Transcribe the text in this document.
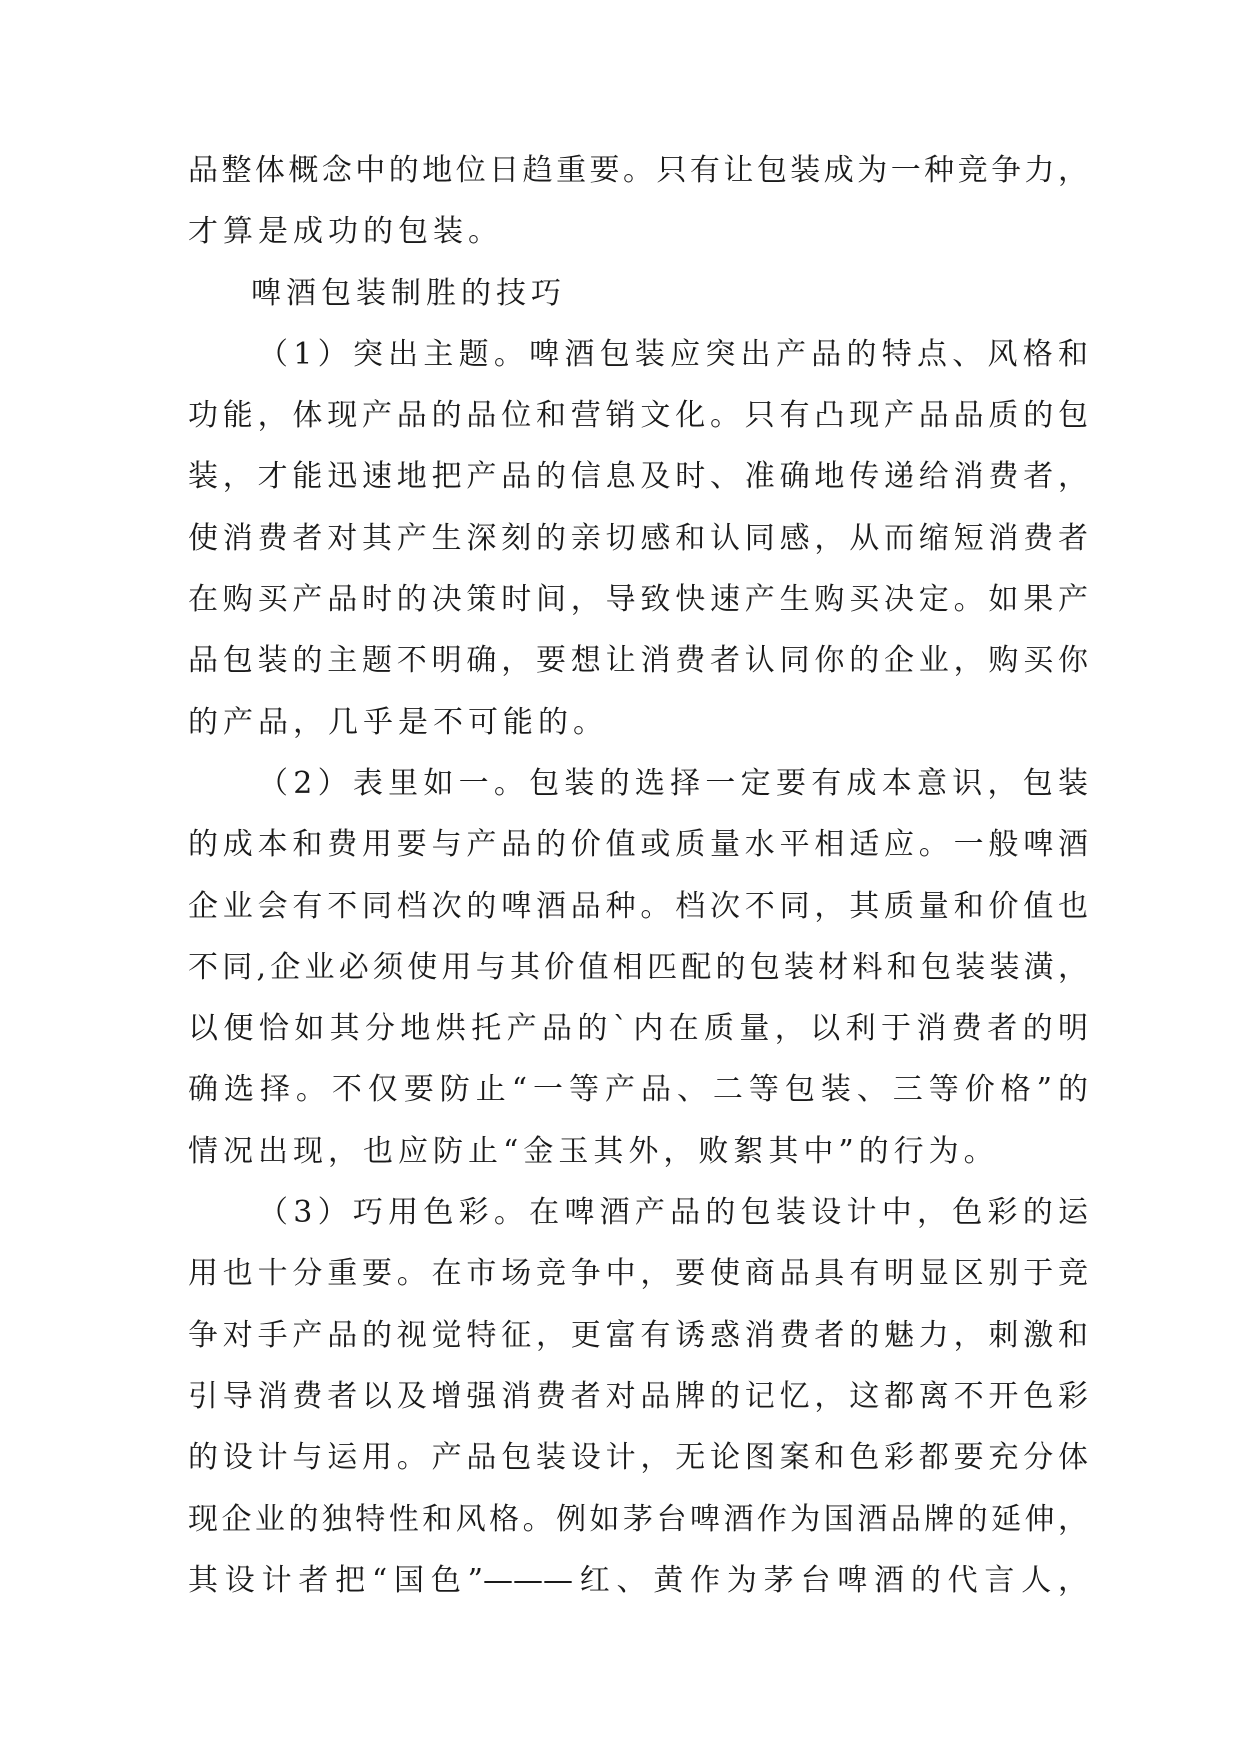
品整体概念中的地位日趋重要。只有让包装成为一种竞争力，
才算是成功的包装。
啤酒包装制胜的技巧
（1）突出主题。啤酒包装应突出产品的特点、风格和
功能，体现产品的品位和营销文化。只有凸现产品品质的包
装，才能迅速地把产品的信息及时、准确地传递给消费者，
使消费者对其产生深刻的亲切感和认同感，从而缩短消费者
在购买产品时的决策时间，导致快速产生购买决定。如果产
品包装的主题不明确，要想让消费者认同你的企业，购买你
的产品，几乎是不可能的。
（2）表里如一。包装的选择一定要有成本意识，包装
的成本和费用要与产品的价值或质量水平相适应。一般啤酒
企业会有不同档次的啤酒品种。档次不同，其质量和价值也
不同,企业必须使用与其价值相匹配的包装材料和包装装潢，
以便恰如其分地烘托产品的`内在质量，以利于消费者的明
确选择。不仅要防止“一等产品、二等包装、三等价格”的
情况出现，也应防止“金玉其外，败絮其中”的行为。
（3）巧用色彩。在啤酒产品的包装设计中，色彩的运
用也十分重要。在市场竞争中，要使商品具有明显区别于竞
争对手产品的视觉特征，更富有诱惑消费者的魅力，刺激和
引导消费者以及增强消费者对品牌的记忆，这都离不开色彩
的设计与运用。产品包装设计，无论图案和色彩都要充分体
现企业的独特性和风格。例如茅台啤酒作为国酒品牌的延伸，
其设计者把“国色”———红、黄作为茅台啤酒的代言人，
